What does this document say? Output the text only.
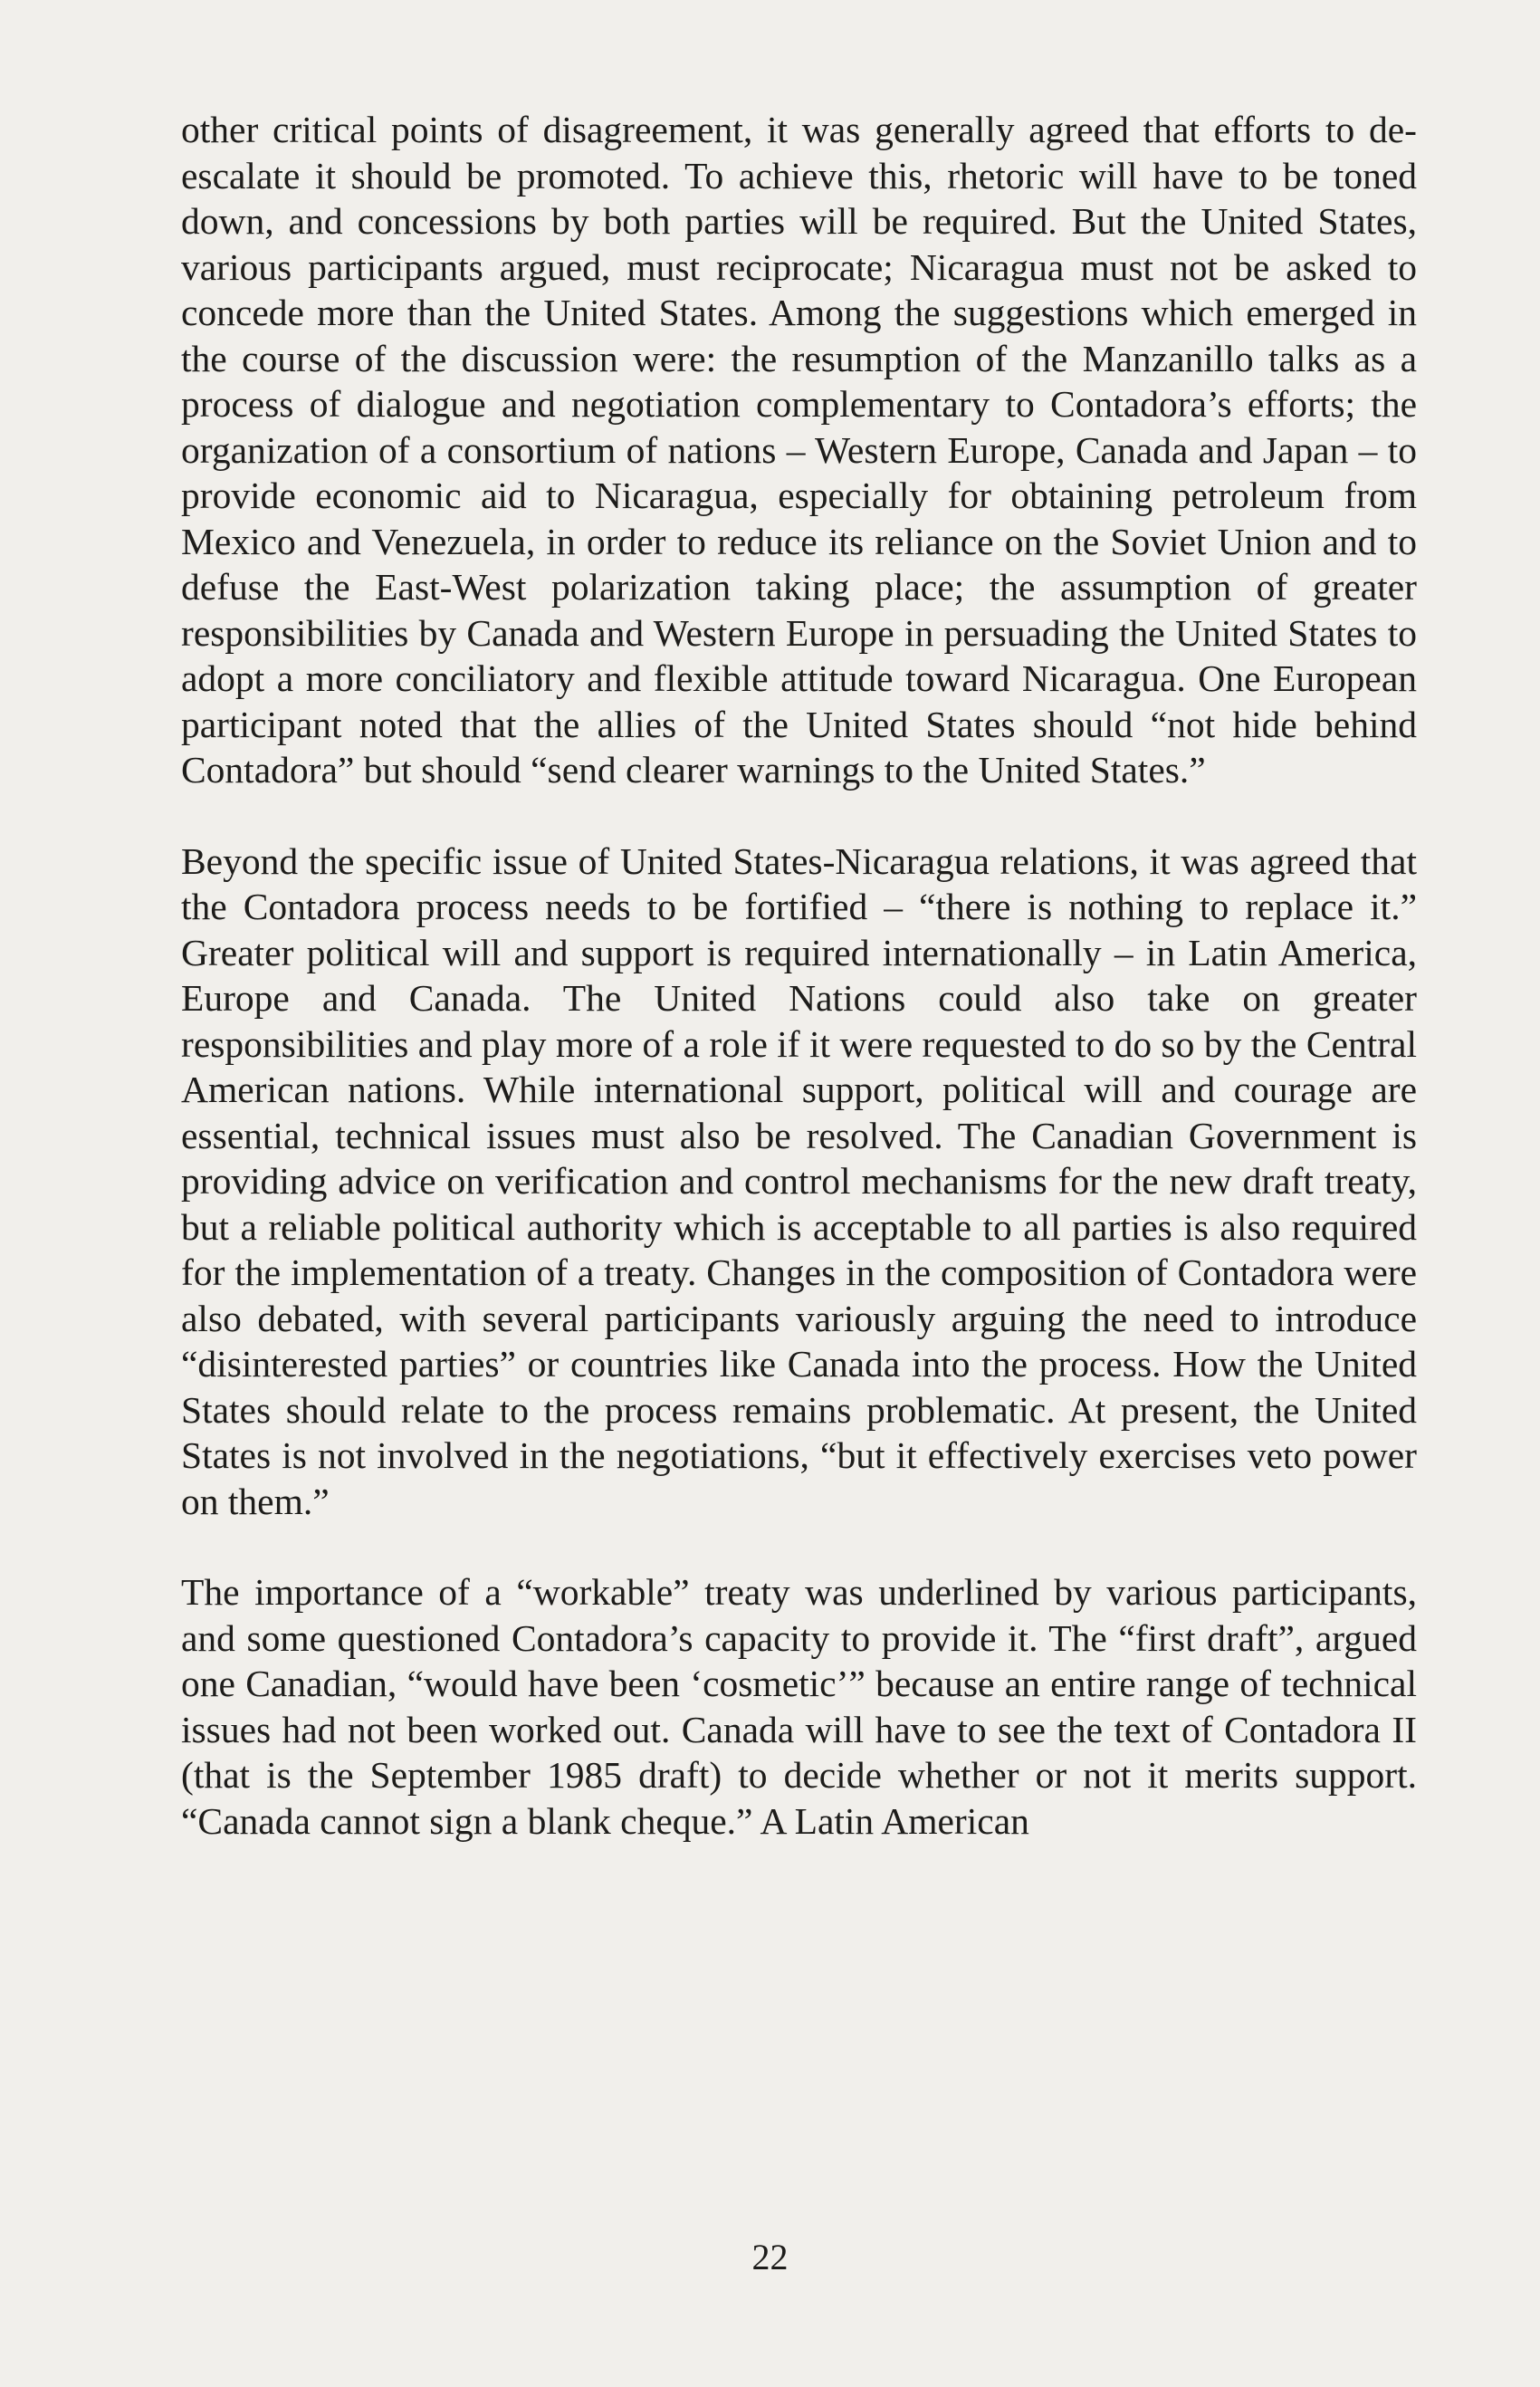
other critical points of disagreement, it was generally agreed that efforts to de-escalate it should be promoted. To achieve this, rhetoric will have to be toned down, and concessions by both parties will be required. But the United States, various participants argued, must reciprocate; Nicaragua must not be asked to concede more than the United States. Among the suggestions which emerged in the course of the discussion were: the resumption of the Manzanillo talks as a process of dialogue and negotiation complementary to Contadora’s efforts; the organization of a consortium of nations – Western Europe, Canada and Japan – to provide economic aid to Nicaragua, especially for obtaining petroleum from Mexico and Venezuela, in order to reduce its reliance on the Soviet Union and to defuse the East-West polarization taking place; the assumption of greater responsibilities by Canada and Western Europe in persuading the United States to adopt a more conciliatory and flexible attitude toward Nicaragua. One European participant noted that the allies of the United States should “not hide behind Contadora” but should “send clearer warnings to the United States.”

Beyond the specific issue of United States-Nicaragua relations, it was agreed that the Contadora process needs to be fortified – “there is nothing to replace it.” Greater political will and support is required internationally – in Latin America, Europe and Canada. The United Nations could also take on greater responsibilities and play more of a role if it were requested to do so by the Central American nations. While international support, political will and courage are essential, technical issues must also be resolved. The Canadian Government is providing advice on verification and control mechanisms for the new draft treaty, but a reliable political authority which is acceptable to all parties is also required for the implementation of a treaty. Changes in the composition of Contadora were also debated, with several participants variously arguing the need to introduce “disinterested parties” or countries like Canada into the process. How the United States should relate to the process remains problematic. At present, the United States is not involved in the negotiations, “but it effectively exercises veto power on them.”

The importance of a “workable” treaty was underlined by various participants, and some questioned Contadora’s capacity to provide it. The “first draft”, argued one Canadian, “would have been ‘cosmetic’” because an entire range of technical issues had not been worked out. Canada will have to see the text of Contadora II (that is the September 1985 draft) to decide whether or not it merits support. “Canada cannot sign a blank cheque.” A Latin American

22
